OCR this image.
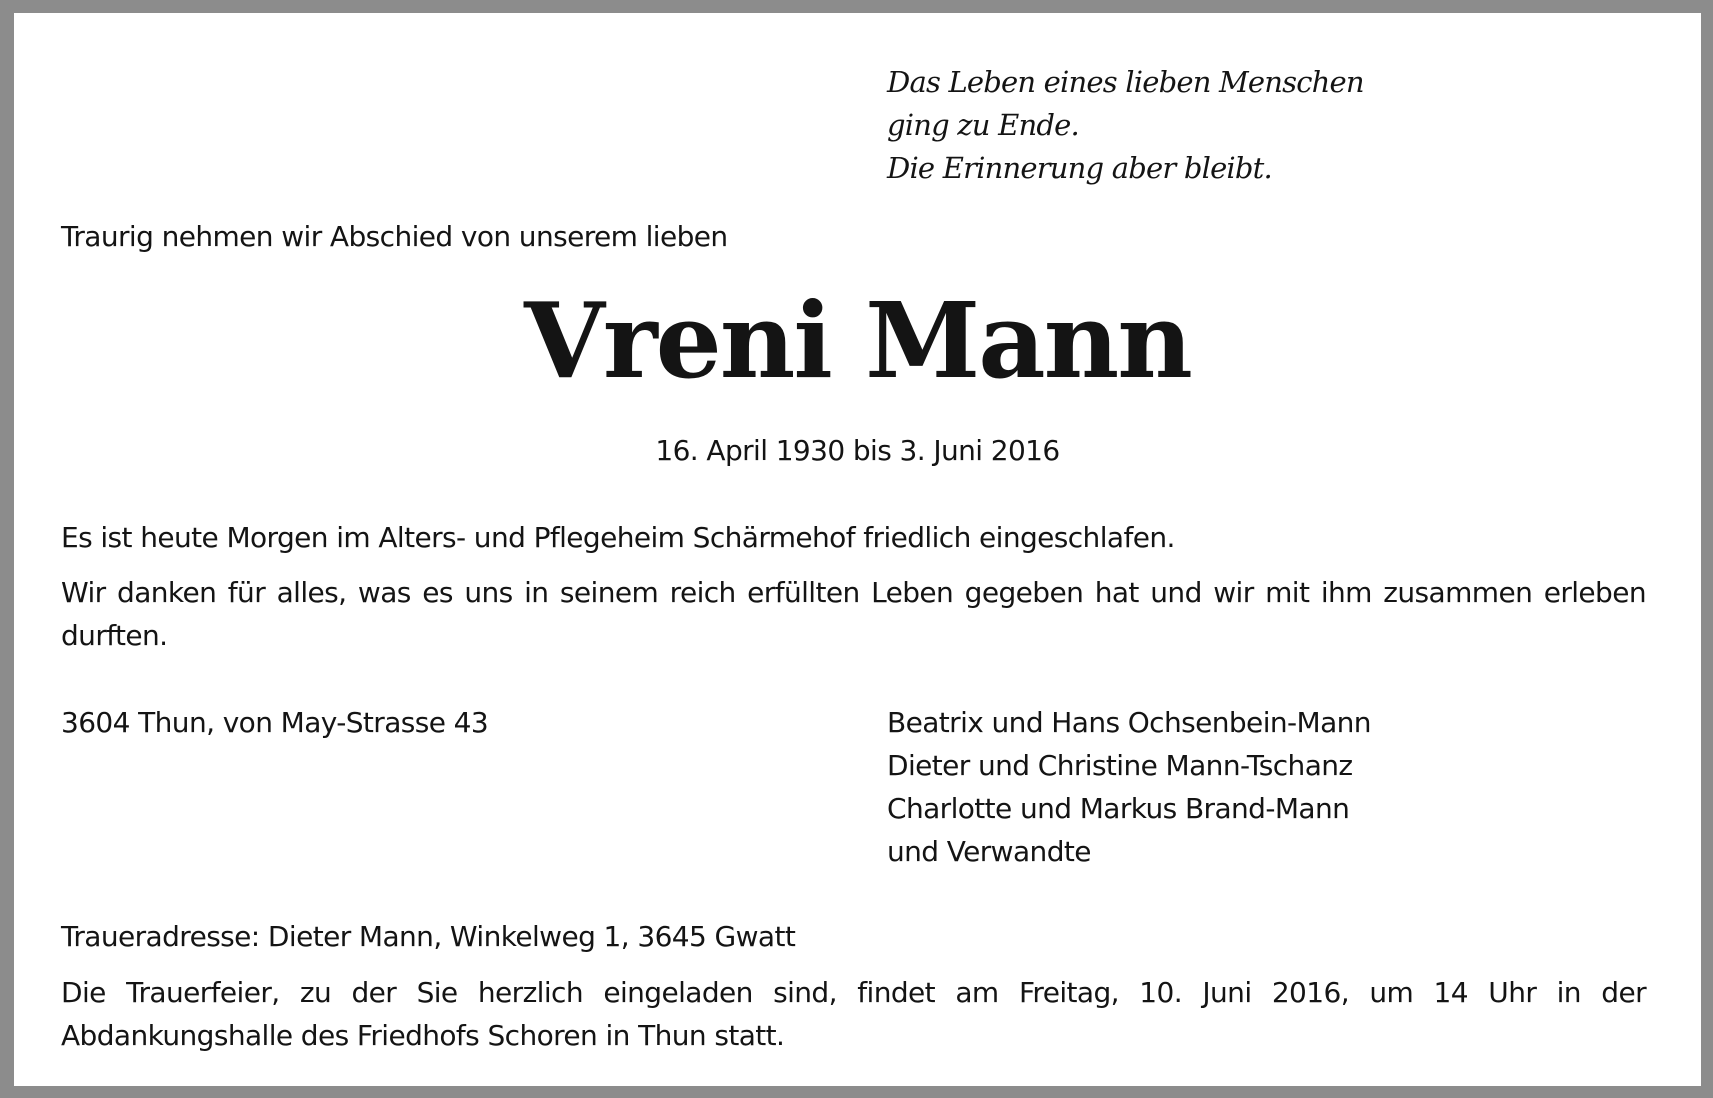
Das Leben eines lieben Menschen
ging zu Ende.
Die Erinnerung aber bleibt.

Traurig nehmen wir Abschied von unserem lieben

Vreni Mann

16. April 1930 bis 3. Juni 2016

Es ist heute Morgen im Alters- und Pflegeheim Schärmehof friedlich eingeschlafen.

Wir danken für alles, was es uns in seinem reich erfüllten Leben gegeben hat und wir mit ihm zusammen erleben durften.

3604 Thun, von May-Strasse 43	Beatrix und Hans Ochsenbein-Mann
Dieter und Christine Mann-Tschanz
Charlotte und Markus Brand-Mann
und Verwandte

Traueradresse: Dieter Mann, Winkelweg 1, 3645 Gwatt

Die Trauerfeier, zu der Sie herzlich eingeladen sind, findet am Freitag, 10. Juni 2016, um 14 Uhr in der Abdankungshalle des Friedhofs Schoren in Thun statt.
